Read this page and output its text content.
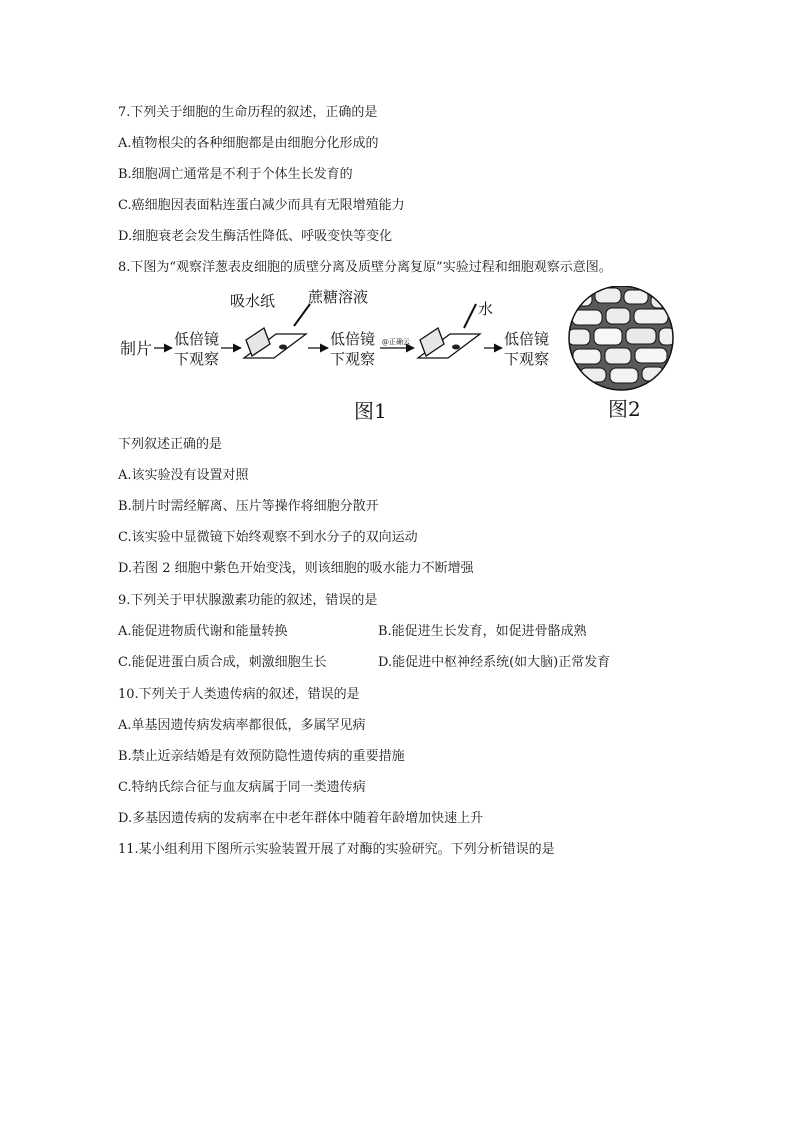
7.下列关于细胞的生命历程的叙述，正确的是
A.植物根尖的各种细胞都是由细胞分化形成的
B.细胞凋亡通常是不利于个体生长发育的
C.癌细胞因表面粘连蛋白减少而具有无限增殖能力
D.细胞衰老会发生酶活性降低、呼吸变快等变化
8.下图为“观察洋葱表皮细胞的质壁分离及质壁分离复原”实验过程和细胞观察示意图。
制片 低倍镜
下观察
吸水纸 蔗糖溶液
低倍镜
下观察
@正确云
水
低倍镜
下观察
图1	图2
下列叙述正确的是
A.该实验没有设置对照
B.制片时需经解离、压片等操作将细胞分散开
C.该实验中显微镜下始终观察不到水分子的双向运动
D.若图 2 细胞中紫色开始变浅，则该细胞的吸水能力不断增强
9.下列关于甲状腺激素功能的叙述，错误的是
A.能促进物质代谢和能量转换	B.能促进生长发育，如促进骨骼成熟
C.能促进蛋白质合成，刺激细胞生长	D.能促进中枢神经系统(如大脑)正常发育
10.下列关于人类遗传病的叙述，错误的是
A.单基因遗传病发病率都很低，多属罕见病
B.禁止近亲结婚是有效预防隐性遗传病的重要措施
C.特纳氏综合征与血友病属于同一类遗传病
D.多基因遗传病的发病率在中老年群体中随着年龄增加快速上升
11.某小组利用下图所示实验装置开展了对酶的实验研究。下列分析错误的是
